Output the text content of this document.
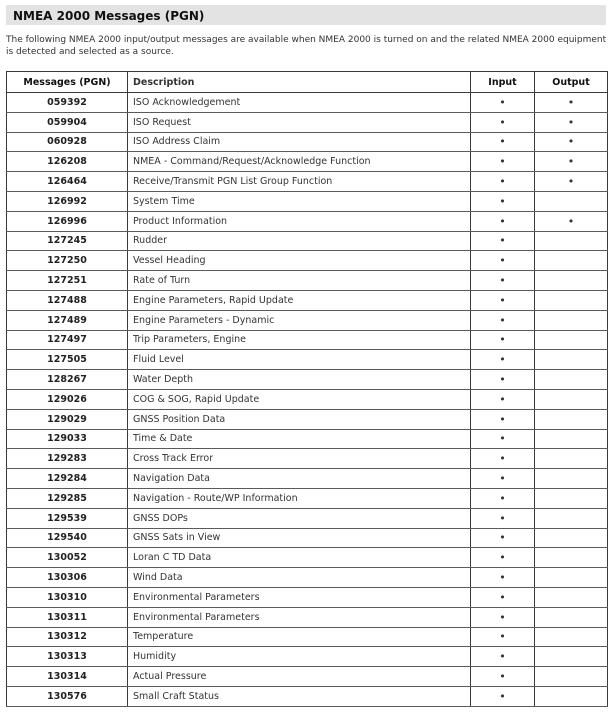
NMEA 2000 Messages (PGN)
The following NMEA 2000 input/output messages are available when NMEA 2000 is turned on and the related NMEA 2000 equipment is detected and selected as a source.
Messages (PGN)	Description	Input	Output
059392	ISO Acknowledgement	•	•
059904	ISO Request	•	•
060928	ISO Address Claim	•	•
126208	NMEA - Command/Request/Acknowledge Function	•	•
126464	Receive/Transmit PGN List Group Function	•	•
126992	System Time	•	
126996	Product Information	•	•
127245	Rudder	•	
127250	Vessel Heading	•	
127251	Rate of Turn	•	
127488	Engine Parameters, Rapid Update	•	
127489	Engine Parameters - Dynamic	•	
127497	Trip Parameters, Engine	•	
127505	Fluid Level	•	
128267	Water Depth	•	
129026	COG & SOG, Rapid Update	•	
129029	GNSS Position Data	•	
129033	Time & Date	•	
129283	Cross Track Error	•	
129284	Navigation Data	•	
129285	Navigation - Route/WP Information	•	
129539	GNSS DOPs	•	
129540	GNSS Sats in View	•	
130052	Loran C TD Data	•	
130306	Wind Data	•	
130310	Environmental Parameters	•	
130311	Environmental Parameters	•	
130312	Temperature	•	
130313	Humidity	•	
130314	Actual Pressure	•	
130576	Small Craft Status	•	
